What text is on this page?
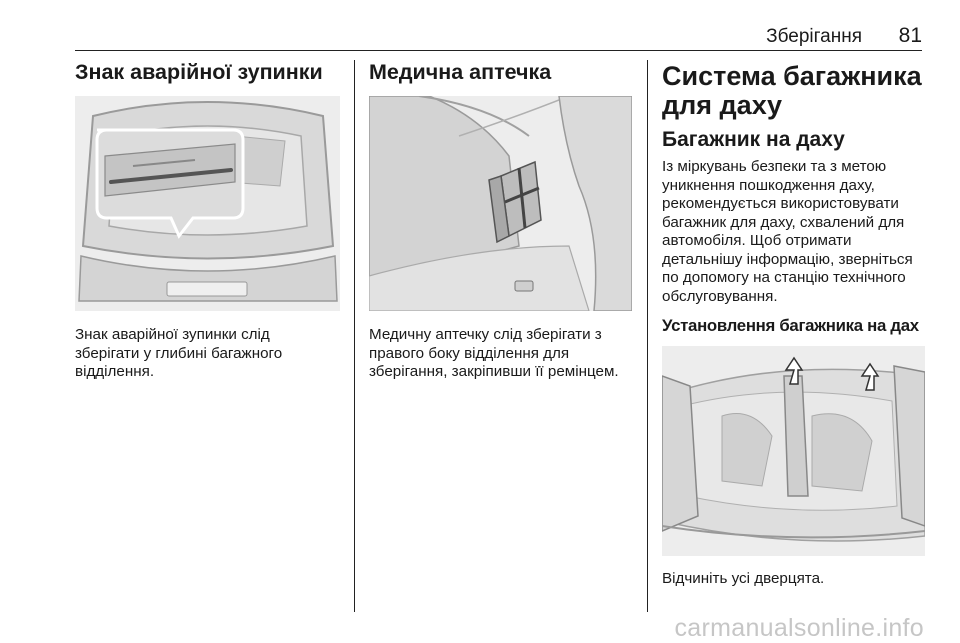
Зберігання 81
Знак аварійної зупинки

Знак аварійної зупинки слід

зберігати у глибині багажного

відділення.

Медична аптечка

Медичну аптечку слід зберігати з

правого боку відділення для

зберігання, закріпивши її ремінцем.

Система багажника
для даху
Багажник на даху

Із міркувань безпеки та з метою

уникнення пошкодження даху,

рекомендується використовувати

багажник для даху, схвалений для

автомобіля. Щоб отримати

детальнішу інформацію, зверніться

по допомогу на станцію технічного

обслуговування.

Установлення багажника на дах

Відчиніть усі дверцята.

carmanualsonline.info
